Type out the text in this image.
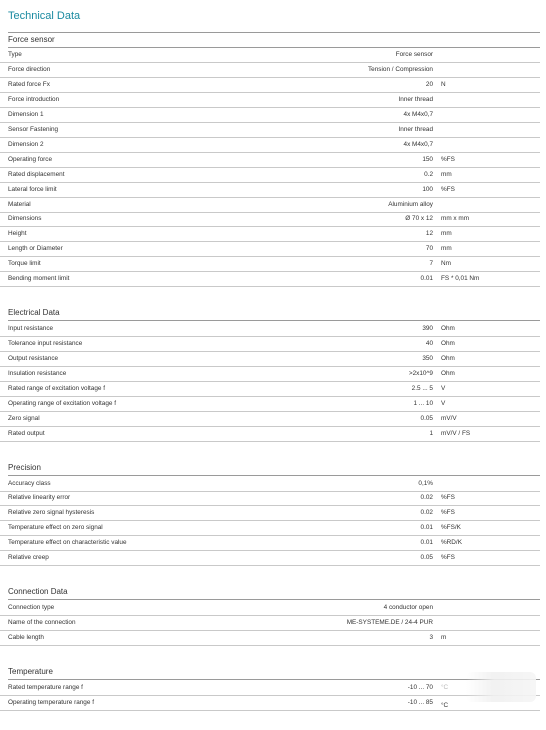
Technical Data
Force sensor
Type	Force sensor
Force direction	Tension / Compression
Rated force Fx	20 N
Force introduction	Inner thread
Dimension 1	4x M4x0,7
Sensor Fastening	Inner thread
Dimension 2	4x M4x0,7
Operating force	150 %FS
Rated displacement	0.2 mm
Lateral force limit	100 %FS
Material	Aluminium alloy
Dimensions	Ø 70 x 12 mm x mm
Height	12 mm
Length or Diameter	70 mm
Torque limit	7 Nm
Bending moment limit	0.01 FS * 0,01 Nm
Electrical Data
Input resistance	390 Ohm
Tolerance input resistance	40 Ohm
Output resistance	350 Ohm
Insulation resistance	>2x10^9 Ohm
Rated range of excitation voltage f	2.5 ... 5 V
Operating range of excitation voltage f	1 ... 10 V
Zero signal	0.05 mV/V
Rated output	1 mV/V / FS
Precision
Accuracy class	0,1%
Relative linearity error	0.02 %FS
Relative zero signal hysteresis	0.02 %FS
Temperature effect on zero signal	0.01 %FS/K
Temperature effect on characteristic value	0.01 %RD/K
Relative creep	0.05 %FS
Connection Data
Connection type	4 conductor open
Name of the connection	ME-SYSTEME.DE / 24-4 PUR
Cable length	3 m
Temperature
Rated temperature range f	-10 ... 70 °C
Operating temperature range f	-10 ... 85 °C
